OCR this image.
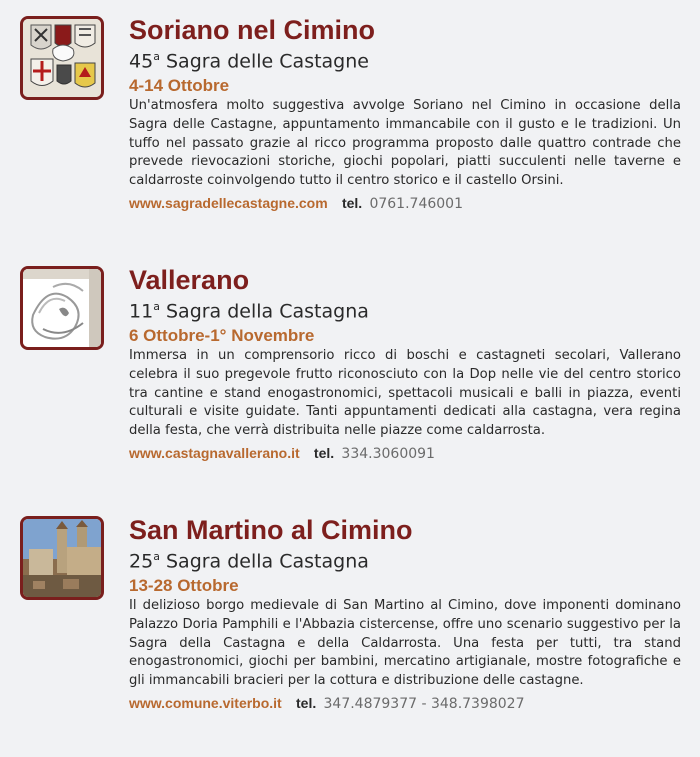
Soriano nel Cimino

45$^a$ Sagra delle Castagne

4-14 Ottobre

Un'atmosfera molto suggestiva avvolge Soriano nel Cimino in occasione della Sagra delle Castagne, appuntamento immancabile con il gusto e le tradizioni. Un tuffo nel passato grazie al ricco programma proposto dalle quattro contrade che prevede rievocazioni storiche, giochi popolari, piatti succulenti nelle taverne e caldarroste coinvolgendo tutto il centro storico e il castello Orsini.

www.sagradellecastagne.com tel. 0761.746001

Vallerano

11$^a$ Sagra della Castagna

6 Ottobre-1° Novembre

Immersa in un comprensorio ricco di boschi e castagneti secolari, Vallerano celebra il suo pregevole frutto riconosciuto con la Dop nelle vie del centro storico tra cantine e stand enogastronomici, spettacoli musicali e balli in piazza, eventi culturali e visite guidate. Tanti appuntamenti dedicati alla castagna, vera regina della festa, che verrà distribuita nelle piazze come caldarrosta.

www.castagnavallerano.it tel. 334.3060091

San Martino al Cimino

25$^a$ Sagra della Castagna

13-28 Ottobre

Il delizioso borgo medievale di San Martino al Cimino, dove imponenti dominano Palazzo Doria Pamphili e l'Abbazia cistercense, offre uno scenario suggestivo per la Sagra della Castagna e della Caldarrosta. Una festa per tutti, tra stand enogastronomici, giochi per bambini, mercatino artigianale, mostre fotografiche e gli immancabili bracieri per la cottura e distribuzione delle castagne.

www.comune.viterbo.it tel. 347.4879377 - 348.7398027
